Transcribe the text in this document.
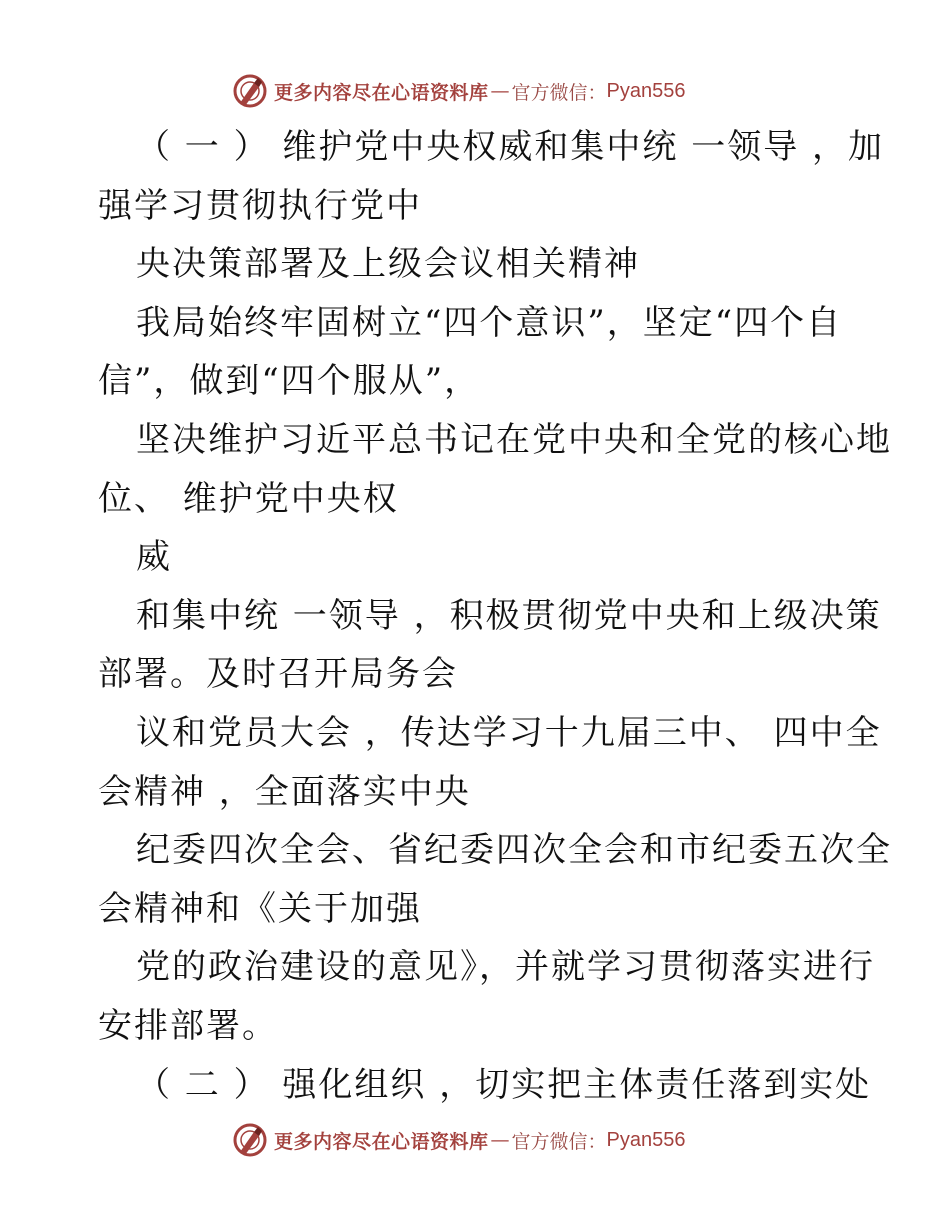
更多内容尽在心语资料库 — 官方微信： Pyan556
（ 一 ） 维护党中央权威和集中统 一领导 ，加
强学习贯彻执行党中
央决策部署及上级会议相关精神
我局始终牢固树立“四个意识”，坚定“四个自
信”，做到“四个服从”，
坚决维护习近平总书记在党中央和全党的核心地
位、 维护党中央权
威
和集中统 一领导 ，积极贯彻党中央和上级决策
部署。及时召开局务会
议和党员大会 ，传达学习十九届三中、 四中全
会精神 ，全面落实中央
纪委四次全会、省纪委四次全会和市纪委五次全
会精神和《关于加强
党的政治建设的意见》，并就学习贯彻落实进行
安排部署。
（ 二 ） 强化组织 ，切实把主体责任落到实处
更多内容尽在心语资料库 — 官方微信： Pyan556
